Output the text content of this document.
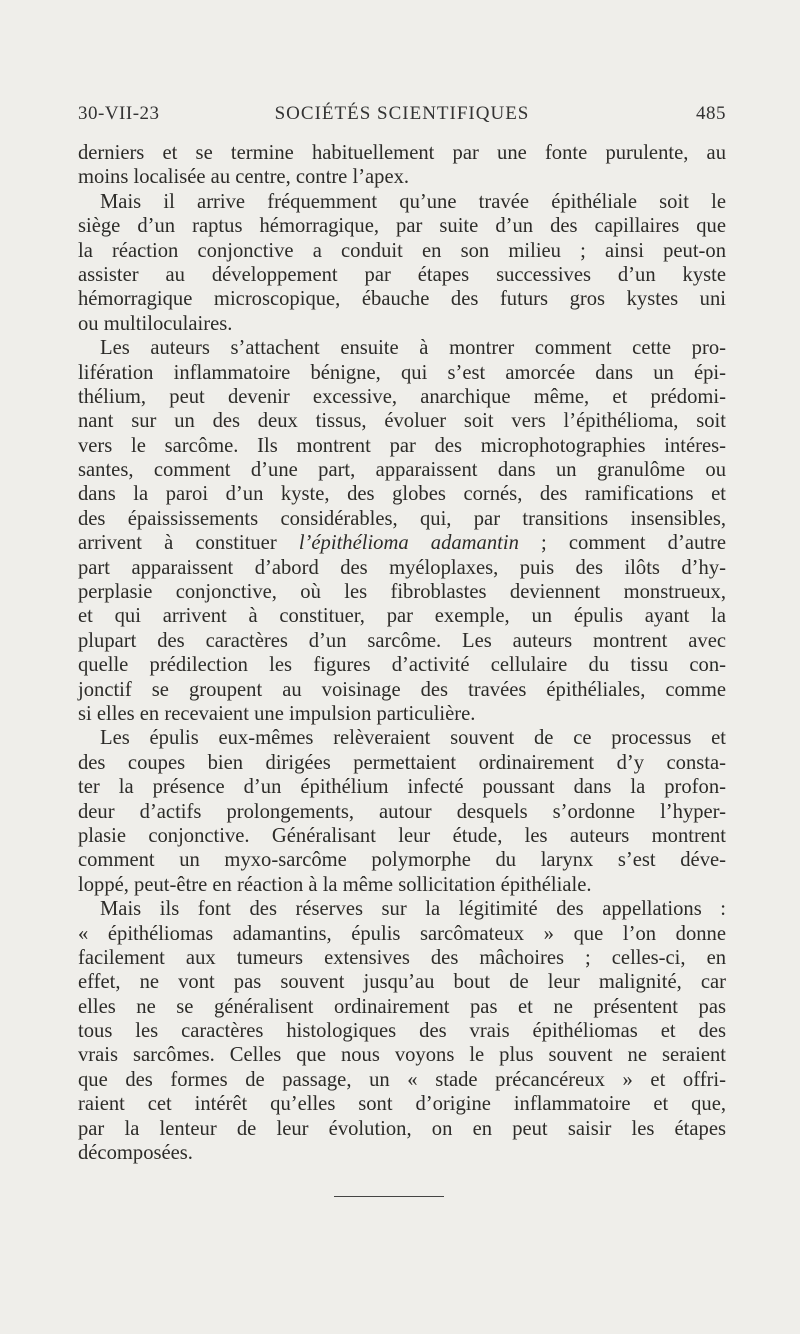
30-VII-23	SOCIÉTÉS SCIENTIFIQUES	485
derniers et se termine habituellement par une fonte purulente, au
moins localisée au centre, contre l’apex.
Mais il arrive fréquemment qu’une travée épithéliale soit le
siège d’un raptus hémorragique, par suite d’un des capillaires que
la réaction conjonctive a conduit en son milieu ; ainsi peut-on
assister au développement par étapes successives d’un kyste
hémorragique microscopique, ébauche des futurs gros kystes uni
ou multiloculaires.
Les auteurs s’attachent ensuite à montrer comment cette pro-
lifération inflammatoire bénigne, qui s’est amorcée dans un épi-
thélium, peut devenir excessive, anarchique même, et prédomi-
nant sur un des deux tissus, évoluer soit vers l’épithélioma, soit
vers le sarcôme. Ils montrent par des microphotographies intéres-
santes, comment d’une part, apparaissent dans un granulôme ou
dans la paroi d’un kyste, des globes cornés, des ramifications et
des épaississements considérables, qui, par transitions insensibles,
arrivent à constituer l’épithélioma adamantin ; comment d’autre
part apparaissent d’abord des myéloplaxes, puis des ilôts d’hy-
perplasie conjonctive, où les fibroblastes deviennent monstrueux,
et qui arrivent à constituer, par exemple, un épulis ayant la
plupart des caractères d’un sarcôme. Les auteurs montrent avec
quelle prédilection les figures d’activité cellulaire du tissu con-
jonctif se groupent au voisinage des travées épithéliales, comme
si elles en recevaient une impulsion particulière.
Les épulis eux-mêmes relèveraient souvent de ce processus et
des coupes bien dirigées permettaient ordinairement d’y consta-
ter la présence d’un épithélium infecté poussant dans la profon-
deur d’actifs prolongements, autour desquels s’ordonne l’hyper-
plasie conjonctive. Généralisant leur étude, les auteurs montrent
comment un myxo-sarcôme polymorphe du larynx s’est déve-
loppé, peut-être en réaction à la même sollicitation épithéliale.
Mais ils font des réserves sur la légitimité des appellations :
« épithéliomas adamantins, épulis sarcômateux » que l’on donne
facilement aux tumeurs extensives des mâchoires ; celles-ci, en
effet, ne vont pas souvent jusqu’au bout de leur malignité, car
elles ne se généralisent ordinairement pas et ne présentent pas
tous les caractères histologiques des vrais épithéliomas et des
vrais sarcômes. Celles que nous voyons le plus souvent ne seraient
que des formes de passage, un « stade précancéreux » et offri-
raient cet intérêt qu’elles sont d’origine inflammatoire et que,
par la lenteur de leur évolution, on en peut saisir les étapes
décomposées.
